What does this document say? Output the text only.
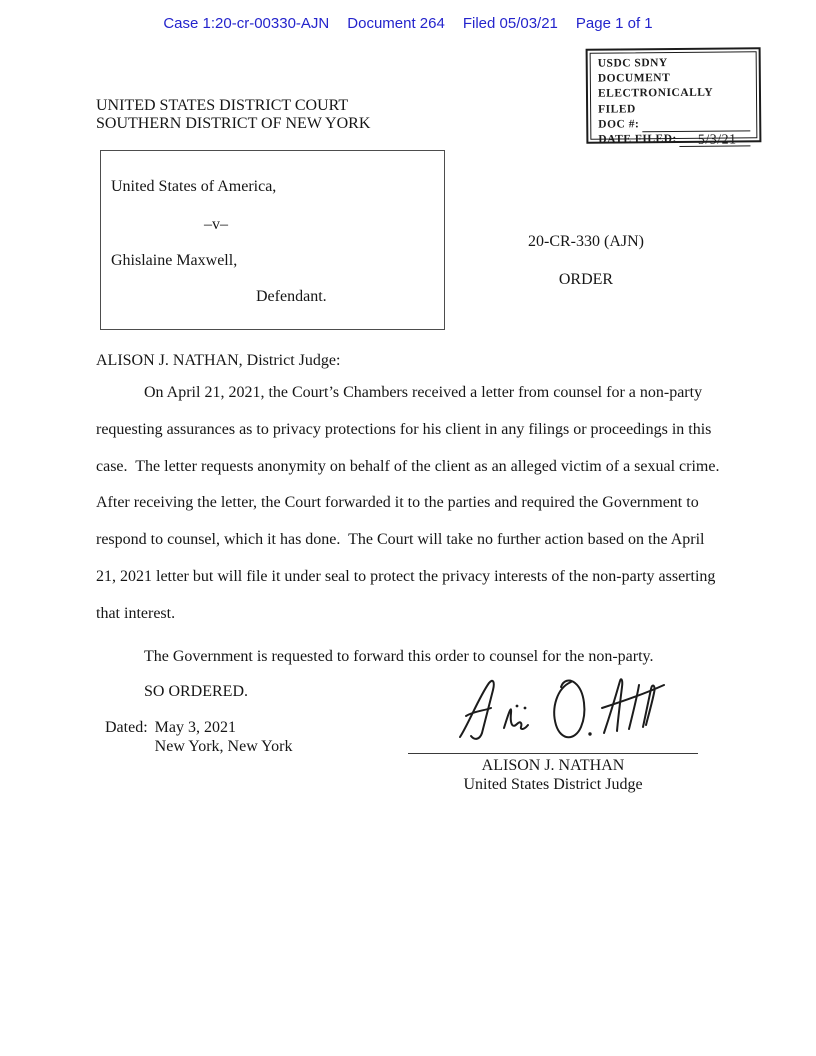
Case 1:20-cr-00330-AJN Document 264 Filed 05/03/21 Page 1 of 1
USDC SDNY
DOCUMENT
ELECTRONICALLY FILED
DOC #:
DATE FILED:

5/3/21

UNITED STATES DISTRICT COURT
SOUTHERN DISTRICT OF NEW YORK
United States of America,
–v–
Ghislaine Maxwell,
Defendant.
20-CR-330 (AJN)
ORDER
ALISON J. NATHAN, District Judge:
On April 21, 2021, the Court’s Chambers received a letter from counsel for a non-party
requesting assurances as to privacy protections for his client in any filings or proceedings in this
case.  The letter requests anonymity on behalf of the client as an alleged victim of a sexual crime.
After receiving the letter, the Court forwarded it to the parties and required the Government to
respond to counsel, which it has done.  The Court will take no further action based on the April
21, 2021 letter but will file it under seal to protect the privacy interests of the non-party asserting
that interest.
The Government is requested to forward this order to counsel for the non-party.
SO ORDERED.
Dated: May 3, 2021
New York, New York
ALISON J. NATHAN
United States District Judge
